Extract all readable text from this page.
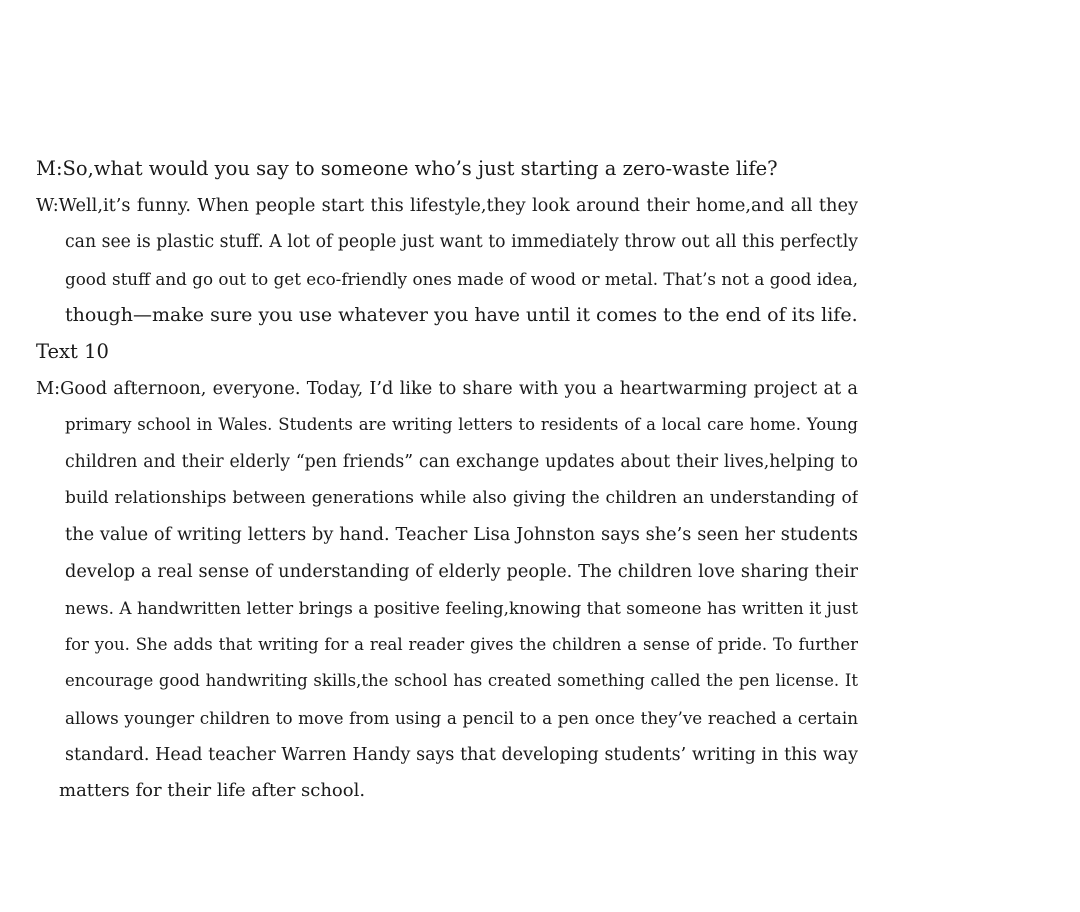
M:So,what would you say to someone who’s just starting a zero-waste life?
W:Well,it’s funny. When people start this lifestyle,they look around their home,and all they
can see is plastic stuff. A lot of people just want to immediately throw out all this perfectly
good stuff and go out to get eco-friendly ones made of wood or metal. That’s not a good idea,
though—make sure you use whatever you have until it comes to the end of its life.
Text 10
M:Good afternoon, everyone. Today, I’d like to share with you a heartwarming project at a
primary school in Wales. Students are writing letters to residents of a local care home. Young
children and their elderly “pen friends” can exchange updates about their lives,helping to
build relationships between generations while also giving the children an understanding of
the value of writing letters by hand. Teacher Lisa Johnston says she’s seen her students
develop a real sense of understanding of elderly people. The children love sharing their
news. A handwritten letter brings a positive feeling,knowing that someone has written it just
for you. She adds that writing for a real reader gives the children a sense of pride. To further
encourage good handwriting skills,the school has created something called the pen license. It
allows younger children to move from using a pencil to a pen once they’ve reached a certain
standard. Head teacher Warren Handy says that developing students’ writing in this way
matters for their life after school.
